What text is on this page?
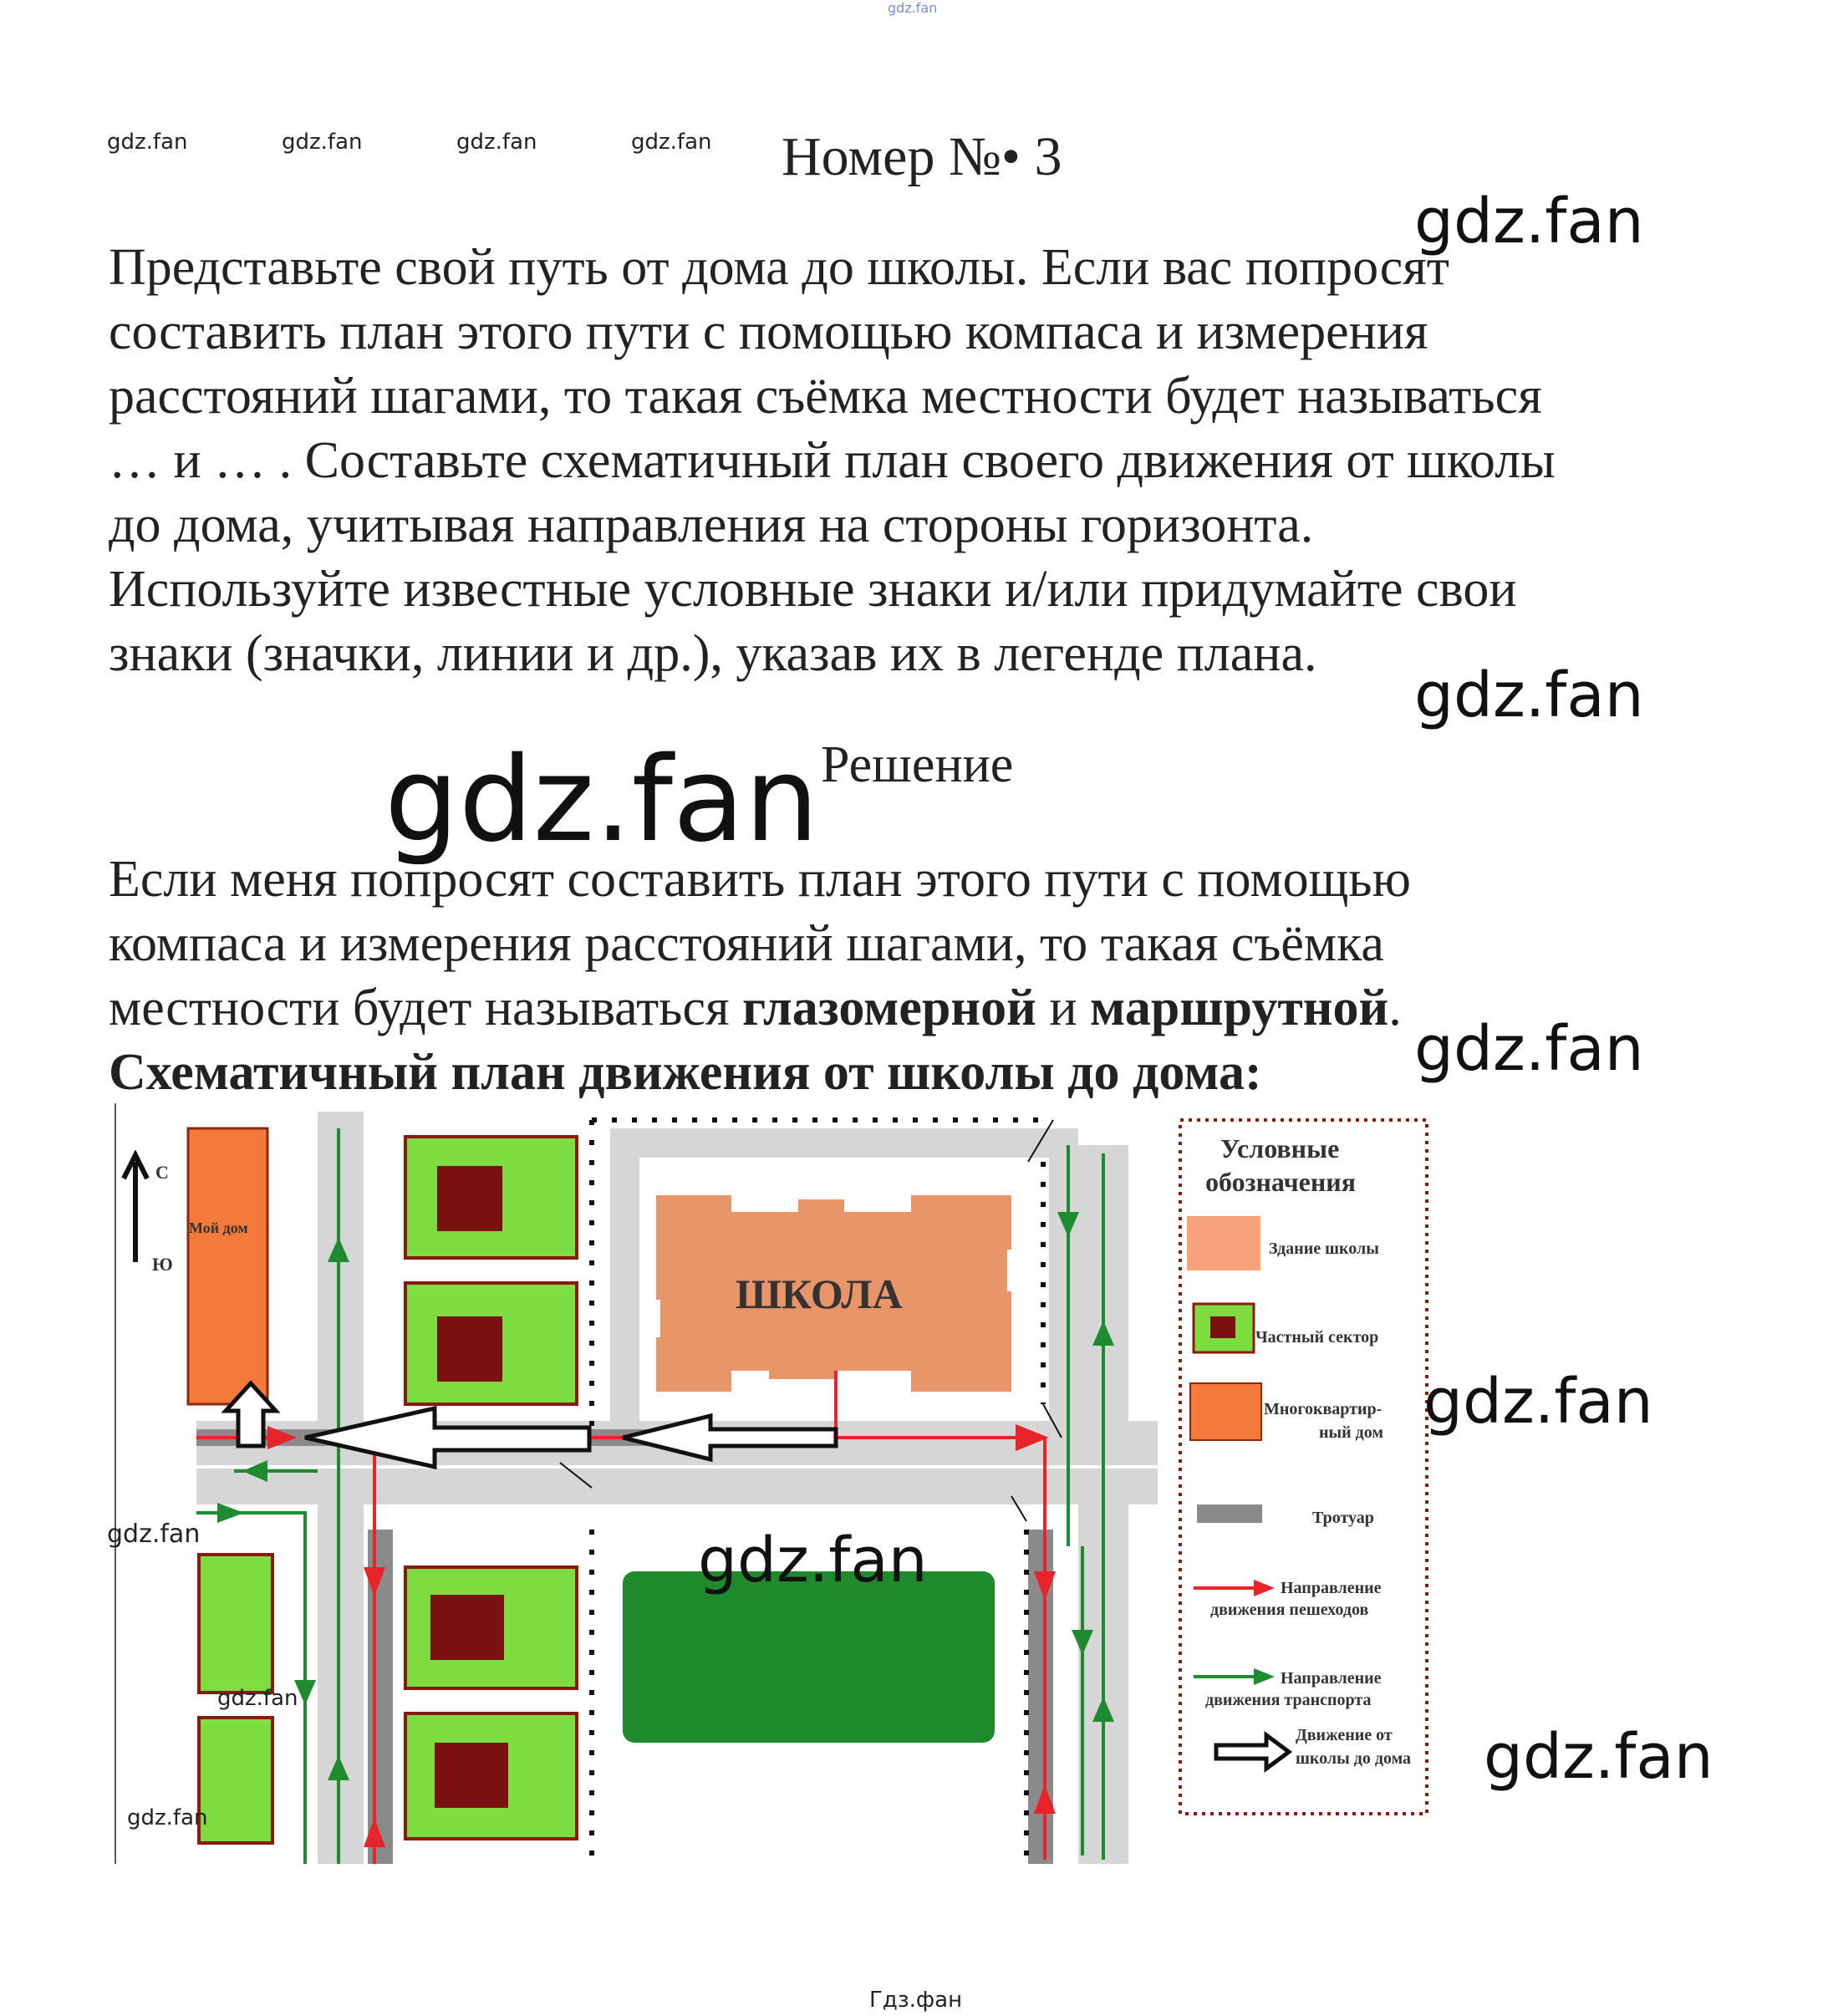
gdz.fan
gdz.fan	gdz.fan	gdz.fan	gdz.fan Номер №• 3

Представьте свой путь от дома до школы. Если вас попросят

составить план этого пути с помощью компаса и измерения

расстояний шагами, то такая съёмка местности будет называться

… и … . Составьте схематичный план своего движения от школы

до дома, учитывая направления на стороны горизонта.

Используйте известные условные знаки и/или придумайте свои

знаки (значки, линии и др.), указав их в легенде плана.

gdz.fan
gdz.fan
gdz.fan Решение

Если меня попросят составить план этого пути с помощью

компаса и измерения расстояний шагами, то такая съёмка

местности будет называться глазомерной и маршрутной.

Схематичный план движения от школы до дома:	gdz.fan
С
Ю
Мой дом
ШКОЛА
Условные
обозначения
Здание школы
Частный сектор
Многоквартир-
ный дом
Тротуар
Направление
движения пешеходов
Направление
движения транспорта
Движение от
школы до дома
gdz.fan
gdz.fan
gdz.fan
gdz.fan
gdz.fan
gdz.fan
Гдз.фан
